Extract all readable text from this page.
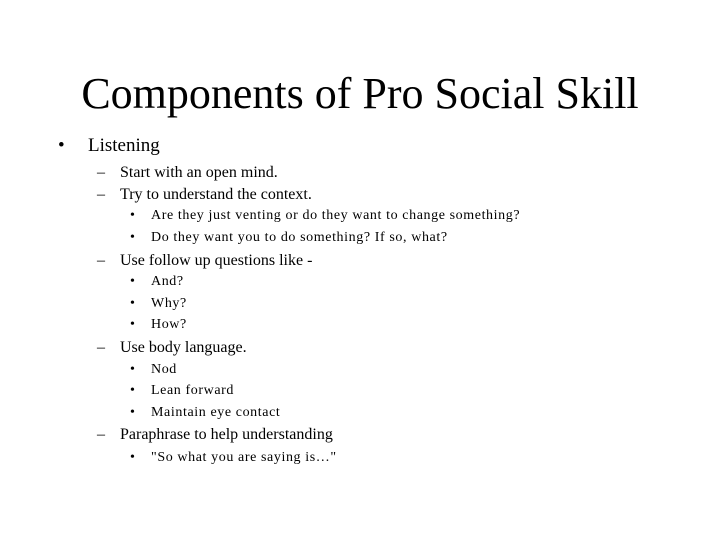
Components of Pro Social Skill
• Listening
– Start with an open mind.
– Try to understand the context.
• Are they just venting or do they want to change something?
• Do they want you to do something? If so, what?
– Use follow up questions like -
• And?
• Why?
• How?
– Use body language.
• Nod
• Lean forward
• Maintain eye contact
– Paraphrase to help understanding
• "So what you are saying is…"
